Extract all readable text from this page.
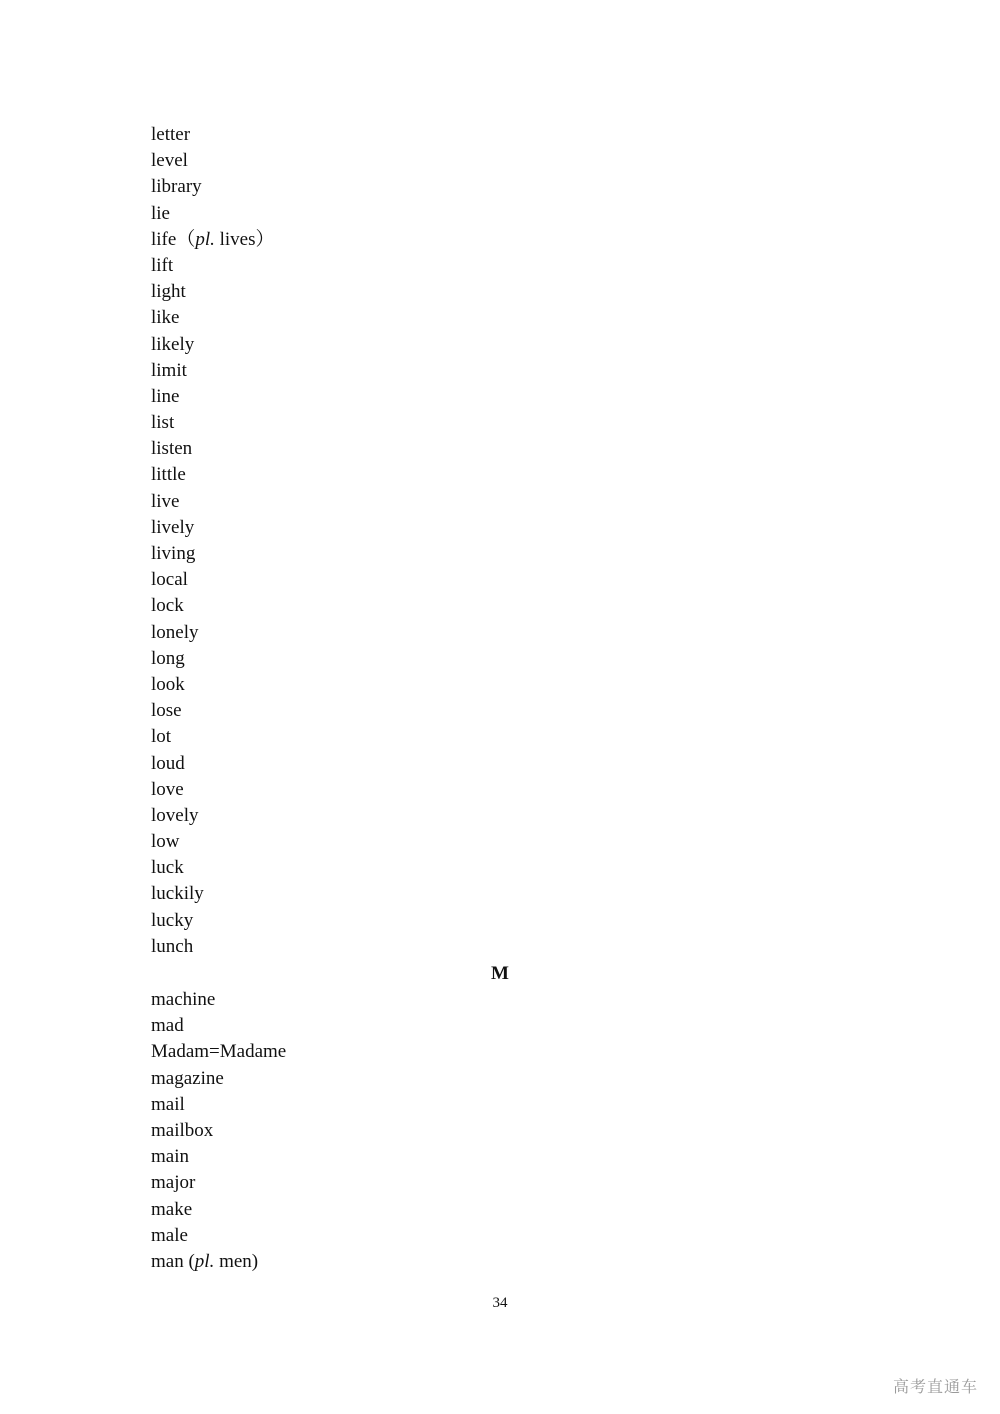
letter
level
library
lie
life（pl. lives）
lift
light
like
likely
limit
line
list
listen
little
live
lively
living
local
lock
lonely
long
look
lose
lot
loud
love
lovely
low
luck
luckily
lucky
lunch
M
machine
mad
Madam=Madame
magazine
mail
mailbox
main
major
make
male
man (pl. men)
34
高考直通车
